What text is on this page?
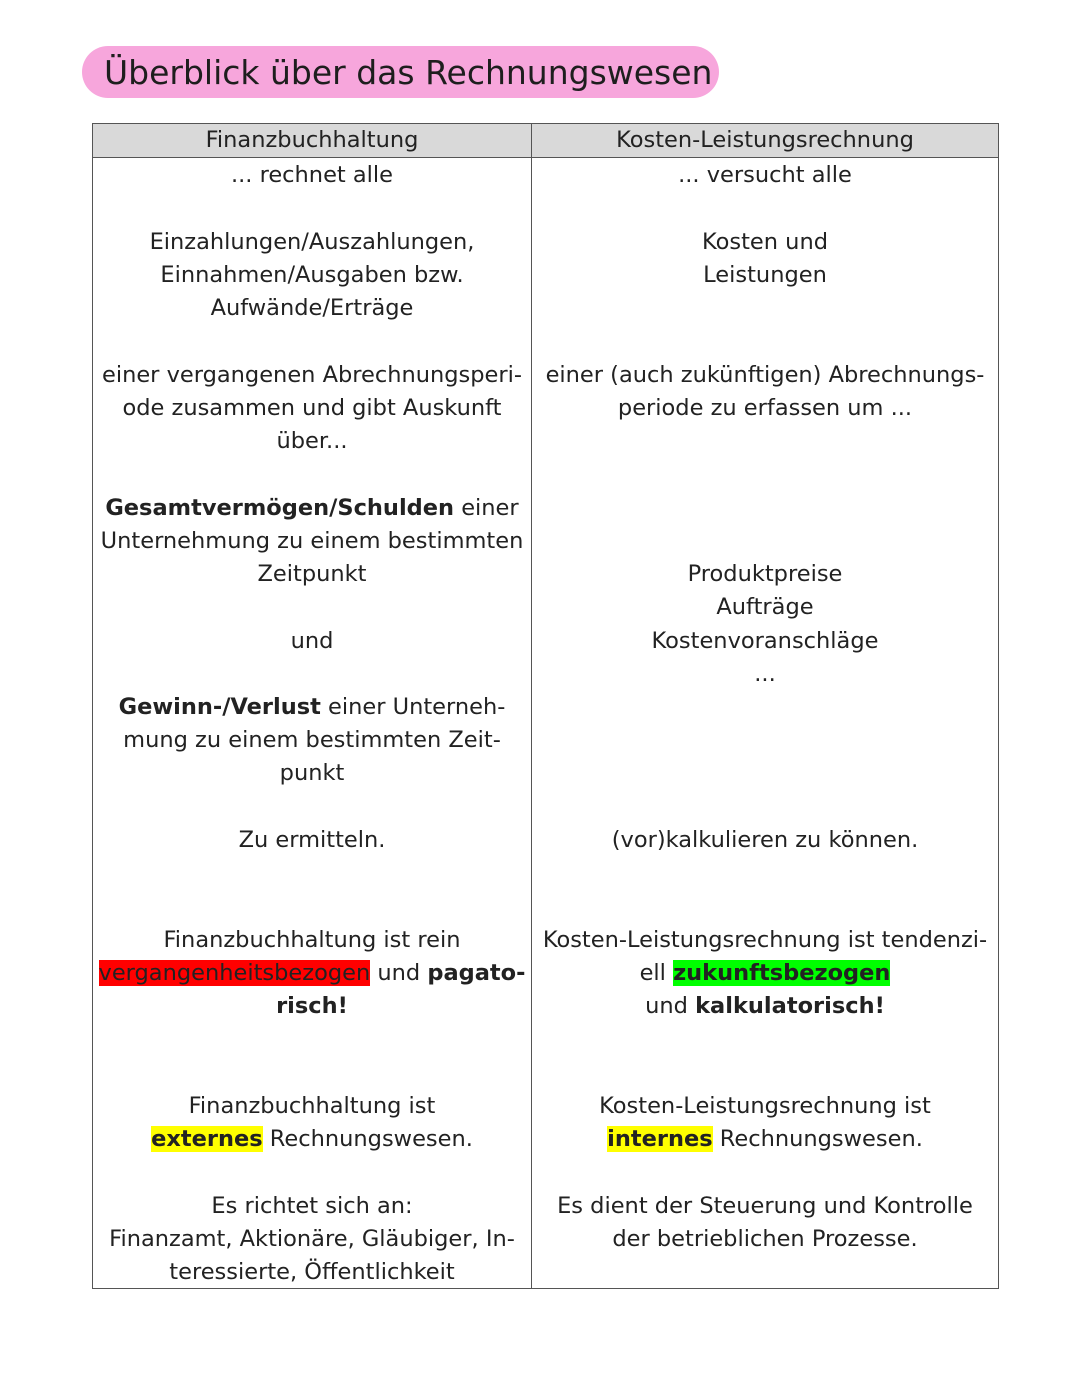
Überblick über das Rechnungswesen
Finanzbuchhaltung
... rechnet alle
Einzahlungen/Auszahlungen,
Einnahmen/Ausgaben bzw.
Aufwände/Erträge
einer vergangenen Abrechnungsperi-
ode zusammen und gibt Auskunft
über...
Gesamtvermögen/Schulden einer
Unternehmung zu einem bestimmten
Zeitpunkt
und
Gewinn-/Verlust einer Unterneh-
mung zu einem bestimmten Zeit-
punkt
Zu ermitteln.
Finanzbuchhaltung ist rein
vergangenheitsbezogen und pagato-
risch!
Finanzbuchhaltung ist
externes Rechnungswesen.
Es richtet sich an:
Finanzamt, Aktionäre, Gläubiger, In-
teressierte, Öffentlichkeit
Kosten-Leistungsrechnung
... versucht alle
Kosten und
Leistungen
einer (auch zukünftigen) Abrechnungs-
periode zu erfassen um ...
Produktpreise
Aufträge
Kostenvoranschläge
...
(vor)kalkulieren zu können.
Kosten-Leistungsrechnung ist tendenzi-
ell zukunftsbezogen
und kalkulatorisch!
Kosten-Leistungsrechnung ist
internes Rechnungswesen.
Es dient der Steuerung und Kontrolle
der betrieblichen Prozesse.
